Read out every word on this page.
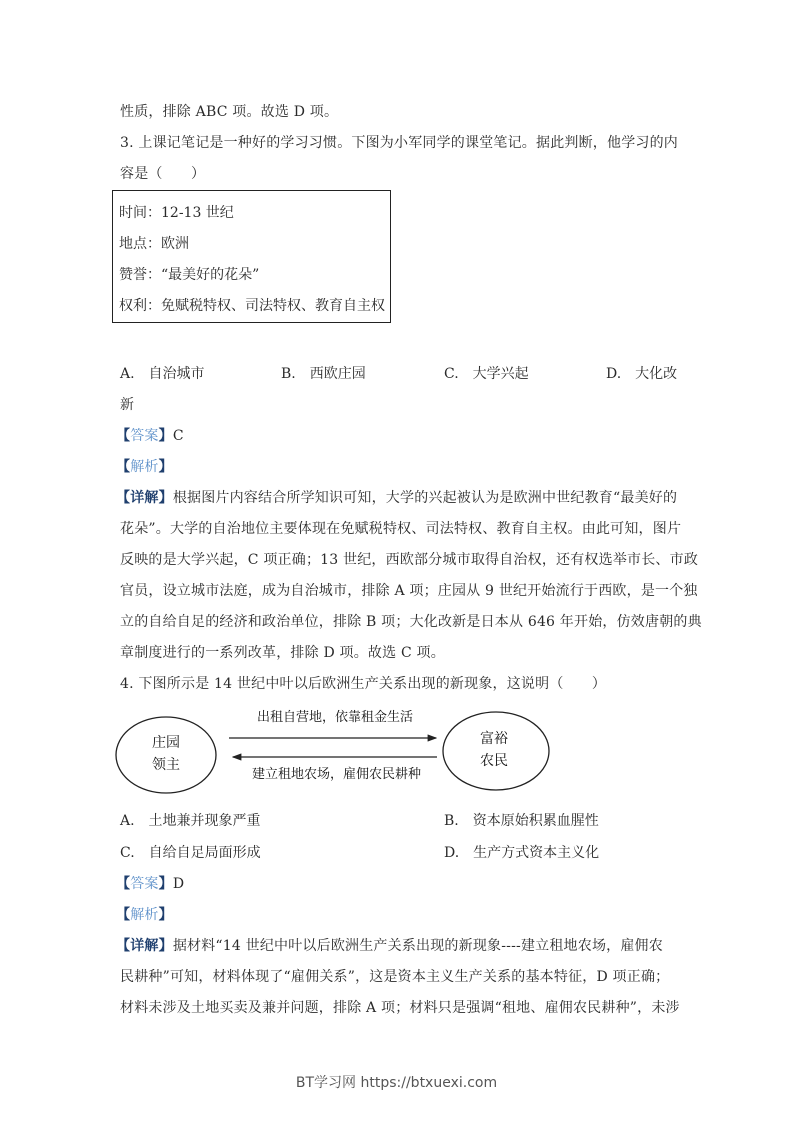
性质，排除 ABC 项。故选 D 项。
3. 上课记笔记是一种好的学习习惯。下图为小军同学的课堂笔记。据此判断，他学习的内
容是（　　）
时间：12-13 世纪
地点：欧洲
赞誉：“最美好的花朵”
权利：免赋税特权、司法特权、教育自主权
A.　自治城市	B.　西欧庄园	C.　大学兴起	D.　大化改
新
【答案】C
【解析】
【详解】根据图片内容结合所学知识可知，大学的兴起被认为是欧洲中世纪教育“最美好的
花朵”。大学的自治地位主要体现在免赋税特权、司法特权、教育自主权。由此可知，图片
反映的是大学兴起，C 项正确；13 世纪，西欧部分城市取得自治权，还有权选举市长、市政
官员，设立城市法庭，成为自治城市，排除 A 项；庄园从 9 世纪开始流行于西欧，是一个独
立的自给自足的经济和政治单位，排除 B 项；大化改新是日本从 646 年开始，仿效唐朝的典
章制度进行的一系列改革，排除 D 项。故选 C 项。
4. 下图所示是 14 世纪中叶以后欧洲生产关系出现的新现象，这说明（　　）
庄园
领主
富裕
农民
出租自营地，依靠租金生活
建立租地农场，雇佣农民耕种
A.　土地兼并现象严重	B.　资本原始积累血腥性
C.　自给自足局面形成	D.　生产方式资本主义化
【答案】D
【解析】
【详解】据材料“14 世纪中叶以后欧洲生产关系出现的新现象----建立租地农场，雇佣农
民耕种”可知，材料体现了“雇佣关系”，这是资本主义生产关系的基本特征，D 项正确；
材料未涉及土地买卖及兼并问题，排除 A 项；材料只是强调“租地、雇佣农民耕种”，未涉
BT学习网 https://btxuexi.com
